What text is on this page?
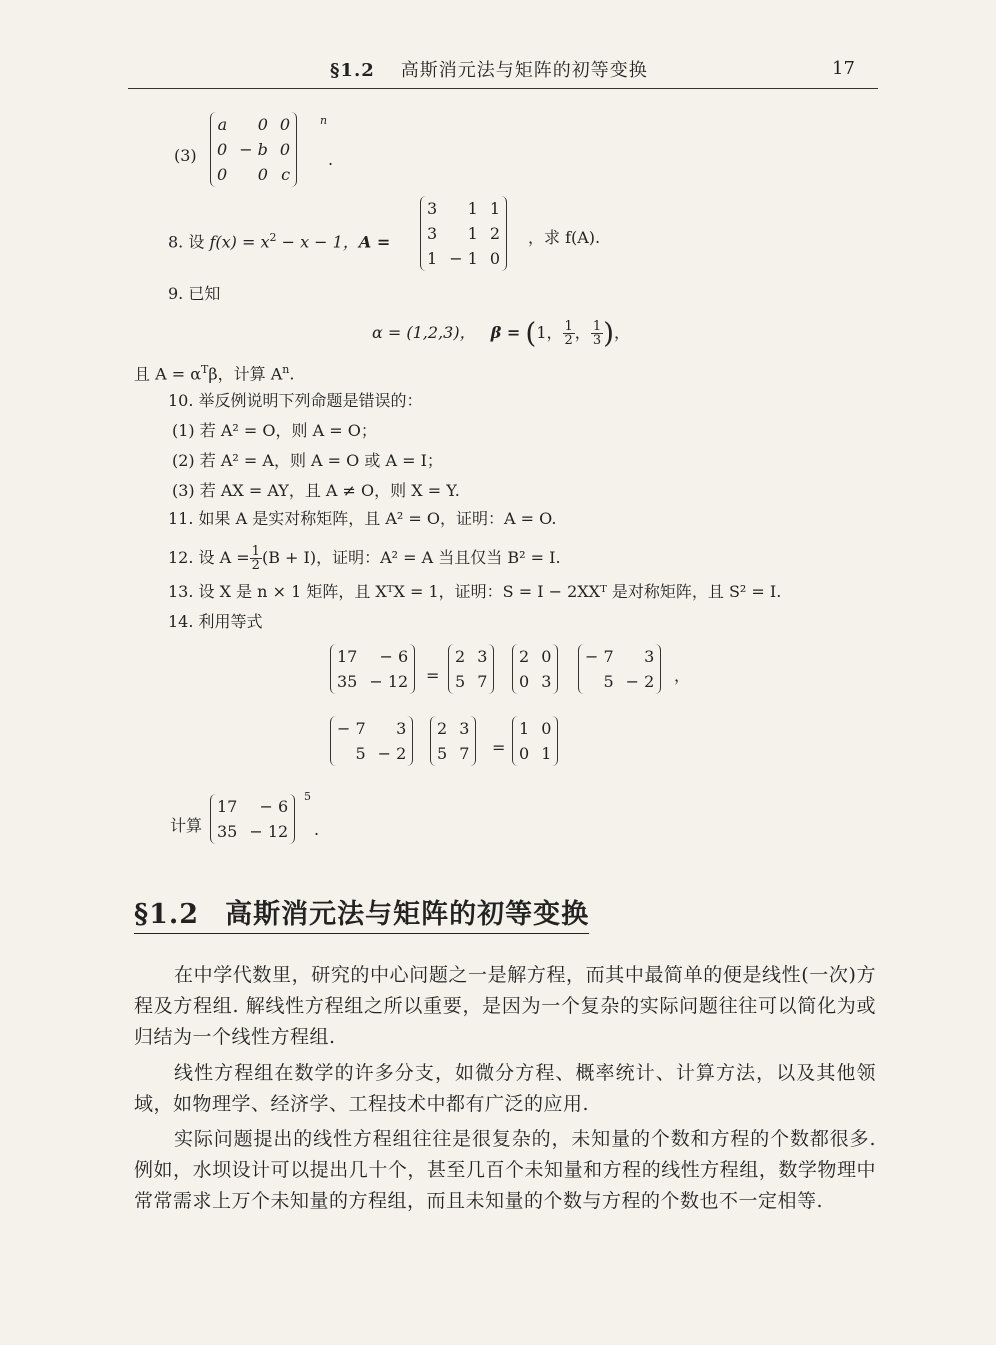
§1.2 高斯消元法与矩阵的初等变换	17
(3)
a	0	0
0	− b	0
0	0	c
n
.
8. 设 $f(x) = x^2 - x - 1$，A =
3	1	1
3	1	2
1	− 1	0
，求 f(A).
9. 已知
α = (1,2,3)， β = (1， $\frac{1}{2}$ ， $\frac{1}{3}$ )，
且 $A = \alpha^T\beta$，计算 $A^n$.
10. 举反例说明下列命题是错误的：
(1) 若 A² = O，则 A = O；
(2) 若 A² = A，则 A = O 或 A = I；
(3) 若 AX = AY，且 A ≠ O，则 X = Y.
11. 如果 A 是实对称矩阵，且 A² = O，证明：A = O.
12. 设 $A = \frac{1}{2} (B + I)$，证明：A² = A 当且仅当 B² = I.
13. 设 X 是 n × 1 矩阵，且 XᵀX = 1，证明：S = I − 2XXᵀ 是对称矩阵，且 S² = I.
14. 利用等式
17	− 6
35	− 12 =
2	3
5	7
2	0
0	3
− 7	3
5	− 2 ，
− 7	3
5	− 2
2	3
5	7 =
1	0
0	1
计算
17	− 6
35	− 12
5
.
§1.2 高斯消元法与矩阵的初等变换
在中学代数里，研究的中心问题之一是解方程，而其中最简单的便是线性(一次)方程及方程组. 解线性方程组之所以重要，是因为一个复杂的实际问题往往可以简化为或归结为一个线性方程组.
线性方程组在数学的许多分支，如微分方程、概率统计、计算方法，以及其他领域，如物理学、经济学、工程技术中都有广泛的应用.
实际问题提出的线性方程组往往是很复杂的，未知量的个数和方程的个数都很多. 例如，水坝设计可以提出几十个，甚至几百个未知量和方程的线性方程组，数学物理中常常需求上万个未知量的方程组，而且未知量的个数与方程的个数也不一定相等.
